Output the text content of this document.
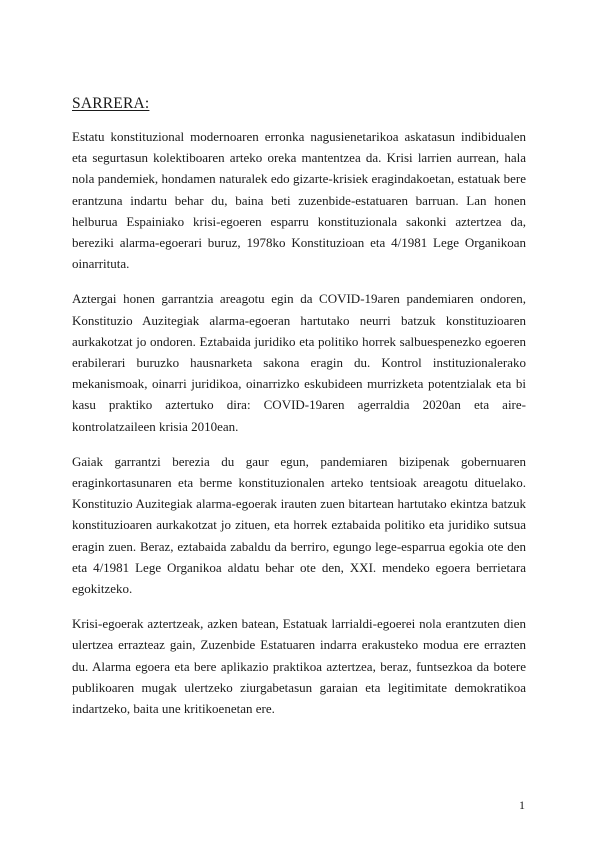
SARRERA:

Estatu konstituzional modernoaren erronka nagusienetarikoa askatasun indibidualen eta segurtasun kolektiboaren arteko oreka mantentzea da. Krisi larrien aurrean, hala nola pandemiek, hondamen naturalek edo gizarte-krisiek eragindakoetan, estatuak bere erantzuna indartu behar du, baina beti zuzenbide-estatuaren barruan. Lan honen helburua Espainiako krisi-egoeren esparru konstituzionala sakonki aztertzea da, bereziki alarma-egoerari buruz, 1978ko Konstituzioan eta 4/1981 Lege Organikoan oinarrituta.

Aztergai honen garrantzia areagotu egin da COVID-19aren pandemiaren ondoren, Konstituzio Auzitegiak alarma-egoeran hartutako neurri batzuk konstituzioaren aurkakotzat jo ondoren. Eztabaida juridiko eta politiko horrek salbuespenezko egoeren erabilerari buruzko hausnarketa sakona eragin du. Kontrol instituzionalerako mekanismoak, oinarri juridikoa, oinarrizko eskubideen murrizketa potentzialak eta bi kasu praktiko aztertuko dira: COVID-19aren agerraldia 2020an eta aire-kontrolatzaileen krisia 2010ean.

Gaiak garrantzi berezia du gaur egun, pandemiaren bizipenak gobernuaren eraginkortasunaren eta berme konstituzionalen arteko tentsioak areagotu dituelako. Konstituzio Auzitegiak alarma-egoerak irauten zuen bitartean hartutako ekintza batzuk konstituzioaren aurkakotzat jo zituen, eta horrek eztabaida politiko eta juridiko sutsua eragin zuen. Beraz, eztabaida zabaldu da berriro, egungo lege-esparrua egokia ote den eta 4/1981 Lege Organikoa aldatu behar ote den, XXI. mendeko egoera berrietara egokitzeko.

Krisi-egoerak aztertzeak, azken batean, Estatuak larrialdi-egoerei nola erantzuten dien ulertzea errazteaz gain, Zuzenbide Estatuaren indarra erakusteko modua ere errazten du. Alarma egoera eta bere aplikazio praktikoa aztertzea, beraz, funtsezkoa da botere publikoaren mugak ulertzeko ziurgabetasun garaian eta legitimitate demokratikoa indartzeko, baita une kritikoenetan ere.

1
